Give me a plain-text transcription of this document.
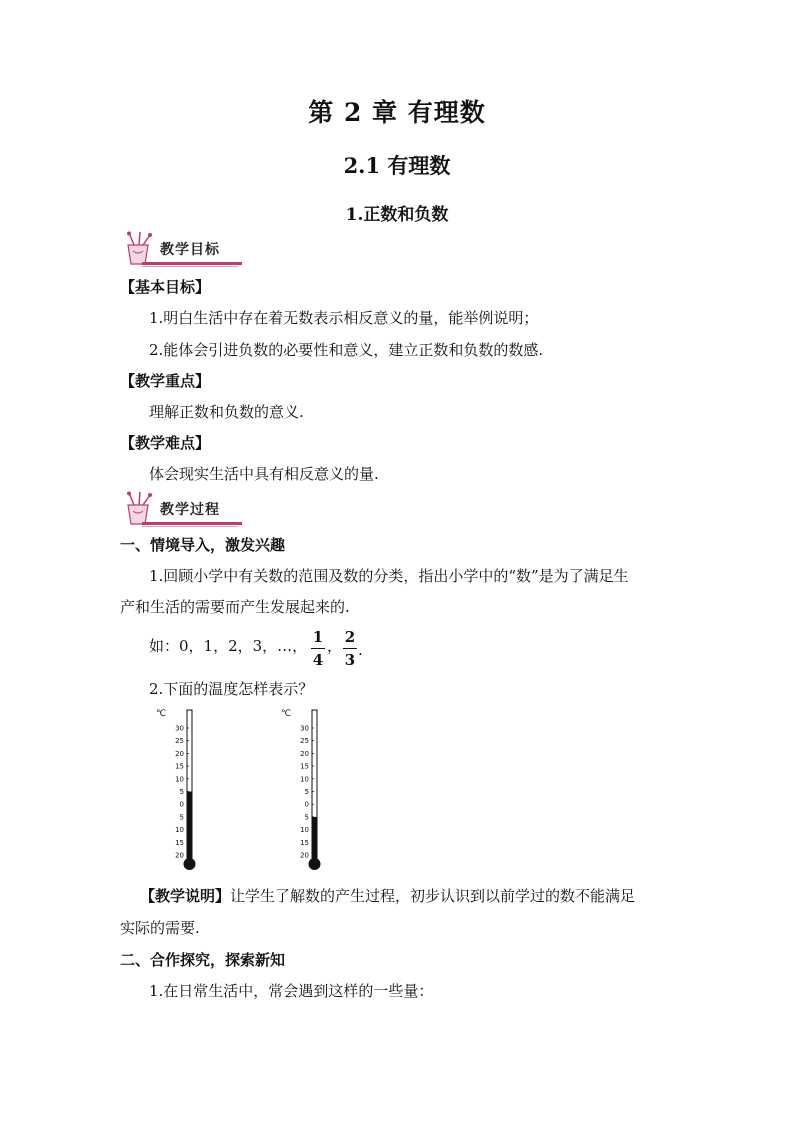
第 2 章 有理数
2.1 有理数
1.正数和负数
教学目标
【基本目标】
1.明白生活中存在着无数表示相反意义的量，能举例说明；
2.能体会引进负数的必要性和意义，建立正数和负数的数感.
【教学重点】
理解正数和负数的意义.
【教学难点】
体会现实生活中具有相反意义的量.
教学过程
一、情境导入，激发兴趣
1.回顾小学中有关数的范围及数的分类，指出小学中的“数”是为了满足生
产和生活的需要而产生发展起来的.
如：0，1，2，3，…， 1
4
， 2
3
.
2.下面的温度怎样表示？
℃
30
25
20
15
10
5
0
5
10
15
20
℃
30
25
20
15
10
5
0
5
10
15
20
【教学说明】让学生了解数的产生过程，初步认识到以前学过的数不能满足
实际的需要.
二、合作探究，探索新知
1.在日常生活中，常会遇到这样的一些量：
